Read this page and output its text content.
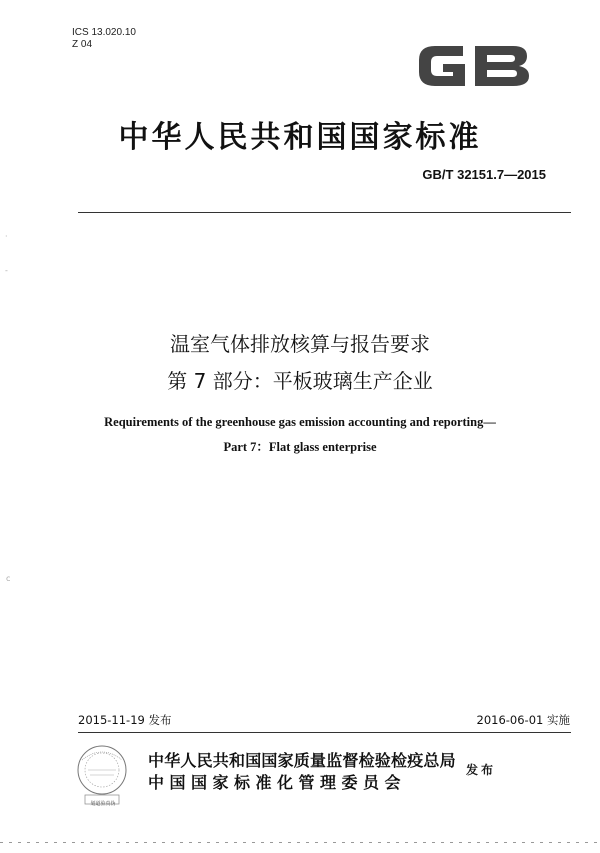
ICS 13.020.10
Z 04
中华人民共和国国家标准
GB/T 32151.7—2015
·
-
c
温室气体排放核算与报告要求
第 7 部分：平板玻璃生产企业
Requirements of the greenhouse gas emission accounting and reporting—
Part 7：Flat glass enterprise
2015-11-19 发布	2016-06-01 实施
划道验真伪
中华人民共和国国家质量监督检验检疫总局
中国国家标准化管理委员会
发布
